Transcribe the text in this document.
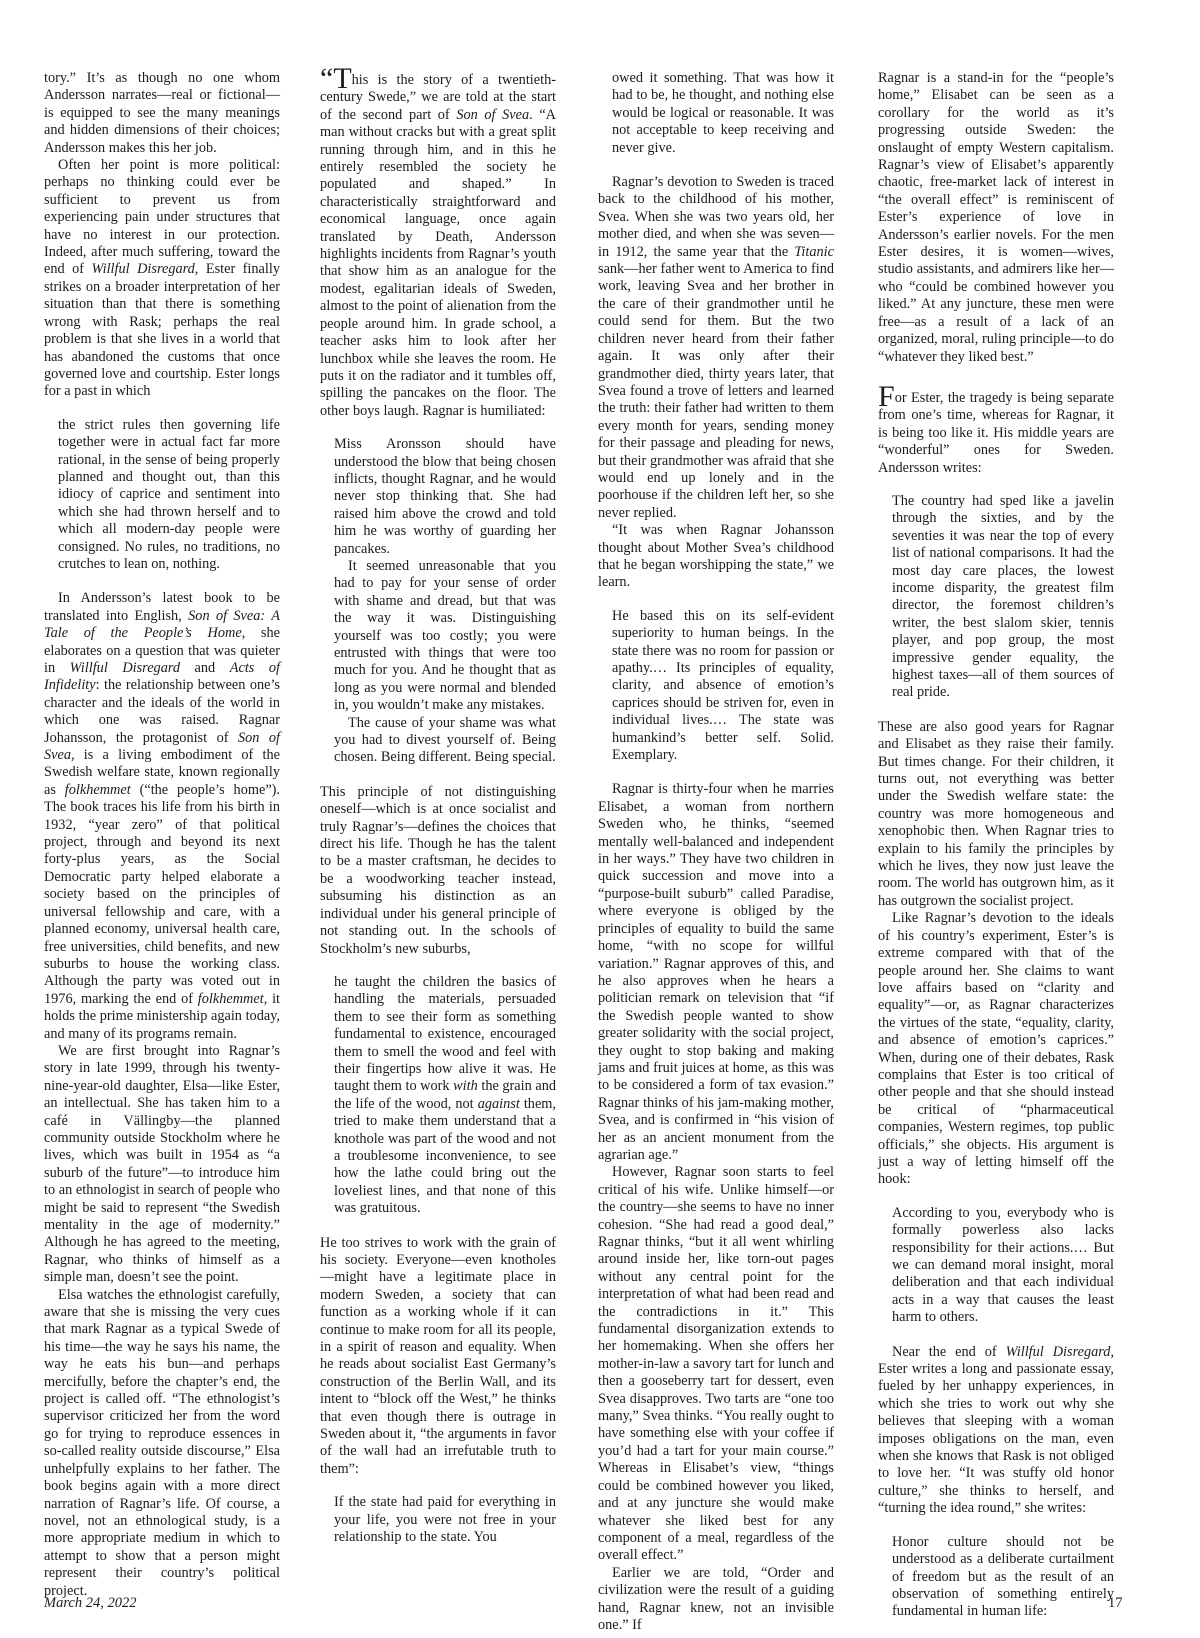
tory.” It’s as though no one whom Andersson narrates—real or fictional—is equipped to see the many meanings and hidden dimensions of their choices; Andersson makes this her job.

Often her point is more political: perhaps no thinking could ever be sufficient to prevent us from experiencing pain under structures that have no interest in our protection. Indeed, after much suffering, toward the end of Willful Disregard, Ester finally strikes on a broader interpretation of her situation than that there is something wrong with Rask; perhaps the real problem is that she lives in a world that has abandoned the customs that once governed love and courtship. Ester longs for a past in which

the strict rules then governing life together were in actual fact far more rational, in the sense of being properly planned and thought out, than this idiocy of caprice and sentiment into which she had thrown herself and to which all modern-day people were consigned. No rules, no traditions, no crutches to lean on, nothing.

In Andersson’s latest book to be translated into English, Son of Svea: A Tale of the People’s Home, she elaborates on a question that was quieter in Willful Disregard and Acts of Infidelity: the relationship between one’s character and the ideals of the world in which one was raised. Ragnar Johansson, the protagonist of Son of Svea, is a living embodiment of the Swedish welfare state, known regionally as folkhemmet (“the people’s home”). The book traces his life from his birth in 1932, “year zero” of that political project, through and beyond its next forty-plus years, as the Social Democratic party helped elaborate a society based on the principles of universal fellowship and care, with a planned economy, universal health care, free universities, child benefits, and new suburbs to house the working class. Although the party was voted out in 1976, marking the end of folkhemmet, it holds the prime ministership again today, and many of its programs remain.

We are first brought into Ragnar’s story in late 1999, through his twenty-nine-year-old daughter, Elsa—like Ester, an intellectual. She has taken him to a café in Vällingby—the planned community outside Stockholm where he lives, which was built in 1954 as “a suburb of the future”—to introduce him to an ethnologist in search of people who might be said to represent “the Swedish mentality in the age of modernity.” Although he has agreed to the meeting, Ragnar, who thinks of himself as a simple man, doesn’t see the point.

Elsa watches the ethnologist carefully, aware that she is missing the very cues that mark Ragnar as a typical Swede of his time—the way he says his name, the way he eats his bun—and perhaps mercifully, before the chapter’s end, the project is called off. “The ethnologist’s supervisor criticized her from the word go for trying to reproduce essences in so-called reality outside discourse,” Elsa unhelpfully explains to her father. The book begins again with a more direct narration of Ragnar’s life. Of course, a novel, not an ethnological study, is a more appropriate medium in which to attempt to show that a person might represent their country’s political project.

“This is the story of a twentieth-century Swede,” we are told at the start of the second part of Son of Svea. “A man without cracks but with a great split running through him, and in this he entirely resembled the society he populated and shaped.” In characteristically straightforward and economical language, once again translated by Death, Andersson highlights incidents from Ragnar’s youth that show him as an analogue for the modest, egalitarian ideals of Sweden, almost to the point of alienation from the people around him. In grade school, a teacher asks him to look after her lunchbox while she leaves the room. He puts it on the radiator and it tumbles off, spilling the pancakes on the floor. The other boys laugh. Ragnar is humiliated:

Miss Aronsson should have understood the blow that being chosen inflicts, thought Ragnar, and he would never stop thinking that. She had raised him above the crowd and told him he was worthy of guarding her pancakes.

It seemed unreasonable that you had to pay for your sense of order with shame and dread, but that was the way it was. Distinguishing yourself was too costly; you were entrusted with things that were too much for you. And he thought that as long as you were normal and blended in, you wouldn’t make any mistakes.

The cause of your shame was what you had to divest yourself of. Being chosen. Being different. Being special.

This principle of not distinguishing oneself—which is at once socialist and truly Ragnar’s—defines the choices that direct his life. Though he has the talent to be a master craftsman, he decides to be a woodworking teacher instead, subsuming his distinction as an individual under his general principle of not standing out. In the schools of Stockholm’s new suburbs,

he taught the children the basics of handling the materials, persuaded them to see their form as something fundamental to existence, encouraged them to smell the wood and feel with their fingertips how alive it was. He taught them to work with the grain and the life of the wood, not against them, tried to make them understand that a knothole was part of the wood and not a troublesome inconvenience, to see how the lathe could bring out the loveliest lines, and that none of this was gratuitous.

He too strives to work with the grain of his society. Everyone—even knotholes—might have a legitimate place in modern Sweden, a society that can function as a working whole if it can continue to make room for all its people, in a spirit of reason and equality. When he reads about socialist East Germany’s construction of the Berlin Wall, and its intent to “block off the West,” he thinks that even though there is outrage in Sweden about it, “the arguments in favor of the wall had an irrefutable truth to them”:

If the state had paid for everything in your life, you were not free in your relationship to the state. You

owed it something. That was how it had to be, he thought, and nothing else would be logical or reasonable. It was not acceptable to keep receiving and never give.

Ragnar’s devotion to Sweden is traced back to the childhood of his mother, Svea. When she was two years old, her mother died, and when she was seven—in 1912, the same year that the Titanic sank—her father went to America to find work, leaving Svea and her brother in the care of their grandmother until he could send for them. But the two children never heard from their father again. It was only after their grandmother died, thirty years later, that Svea found a trove of letters and learned the truth: their father had written to them every month for years, sending money for their passage and pleading for news, but their grandmother was afraid that she would end up lonely and in the poorhouse if the children left her, so she never replied.

“It was when Ragnar Johansson thought about Mother Svea’s childhood that he began worshipping the state,” we learn.

He based this on its self-evident superiority to human beings. In the state there was no room for passion or apathy.… Its principles of equality, clarity, and absence of emotion’s caprices should be striven for, even in individual lives.… The state was humankind’s better self. Solid. Exemplary.

Ragnar is thirty-four when he marries Elisabet, a woman from northern Sweden who, he thinks, “seemed mentally well-balanced and independent in her ways.” They have two children in quick succession and move into a “purpose-built suburb” called Paradise, where everyone is obliged by the principles of equality to build the same home, “with no scope for willful variation.” Ragnar approves of this, and he also approves when he hears a politician remark on television that “if the Swedish people wanted to show greater solidarity with the social project, they ought to stop baking and making jams and fruit juices at home, as this was to be considered a form of tax evasion.” Ragnar thinks of his jam-making mother, Svea, and is confirmed in “his vision of her as an ancient monument from the agrarian age.”

However, Ragnar soon starts to feel critical of his wife. Unlike himself—or the country—she seems to have no inner cohesion. “She had read a good deal,” Ragnar thinks, “but it all went whirling around inside her, like torn-out pages without any central point for the interpretation of what had been read and the contradictions in it.” This fundamental disorganization extends to her homemaking. When she offers her mother-in-law a savory tart for lunch and then a gooseberry tart for dessert, even Svea disapproves. Two tarts are “one too many,” Svea thinks. “You really ought to have something else with your coffee if you’d had a tart for your main course.” Whereas in Elisabet’s view, “things could be combined however you liked, and at any juncture she would make whatever she liked best for any component of a meal, regardless of the overall effect.”

Earlier we are told, “Order and civilization were the result of a guiding hand, Ragnar knew, not an invisible one.” If

Ragnar is a stand-in for the “people’s home,” Elisabet can be seen as a corollary for the world as it’s progressing outside Sweden: the onslaught of empty Western capitalism. Ragnar’s view of Elisabet’s apparently chaotic, free-market lack of interest in “the overall effect” is reminiscent of Ester’s experience of love in Andersson’s earlier novels. For the men Ester desires, it is women—wives, studio assistants, and admirers like her—who “could be combined however you liked.” At any juncture, these men were free—as a result of a lack of an organized, moral, ruling principle—to do “whatever they liked best.”

For Ester, the tragedy is being separate from one’s time, whereas for Ragnar, it is being too like it. His middle years are “wonderful” ones for Sweden. Andersson writes:

The country had sped like a javelin through the sixties, and by the seventies it was near the top of every list of national comparisons. It had the most day care places, the lowest income disparity, the greatest film director, the foremost children’s writer, the best slalom skier, tennis player, and pop group, the most impressive gender equality, the highest taxes—all of them sources of real pride.

These are also good years for Ragnar and Elisabet as they raise their family. But times change. For their children, it turns out, not everything was better under the Swedish welfare state: the country was more homogeneous and xenophobic then. When Ragnar tries to explain to his family the principles by which he lives, they now just leave the room. The world has outgrown him, as it has outgrown the socialist project.

Like Ragnar’s devotion to the ideals of his country’s experiment, Ester’s is extreme compared with that of the people around her. She claims to want love affairs based on “clarity and equality”—or, as Ragnar characterizes the virtues of the state, “equality, clarity, and absence of emotion’s caprices.” When, during one of their debates, Rask complains that Ester is too critical of other people and that she should instead be critical of “pharmaceutical companies, Western regimes, top public officials,” she objects. His argument is just a way of letting himself off the hook:

According to you, everybody who is formally powerless also lacks responsibility for their actions.… But we can demand moral insight, moral deliberation and that each individual acts in a way that causes the least harm to others.

Near the end of Willful Disregard, Ester writes a long and passionate essay, fueled by her unhappy experiences, in which she tries to work out why she believes that sleeping with a woman imposes obligations on the man, even when she knows that Rask is not obliged to love her. “It was stuffy old honor culture,” she thinks to herself, and “turning the idea round,” she writes:

Honor culture should not be understood as a deliberate curtailment of freedom but as the result of an observation of something entirely fundamental in human life:

March 24, 2022	17
